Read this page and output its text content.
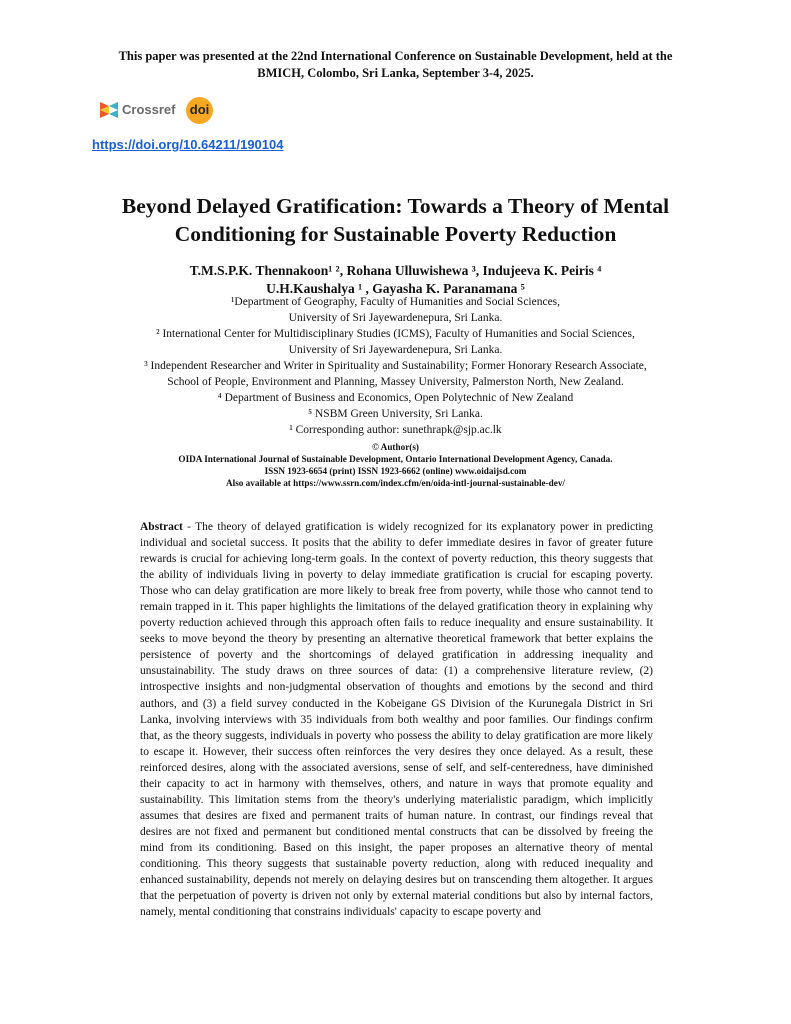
This paper was presented at the 22nd International Conference on Sustainable Development, held at the
BMICH, Colombo, Sri Lanka, September 3-4, 2025.
Crossref doi
https://doi.org/10.64211/190104
Beyond Delayed Gratification: Towards a Theory of Mental
Conditioning for Sustainable Poverty Reduction
T.M.S.P.K. Thennakoon¹ ², Rohana Ulluwishewa ³, Indujeeva K. Peiris ⁴
U.H.Kaushalya ¹ , Gayasha K. Paranamana ⁵
¹Department of Geography, Faculty of Humanities and Social Sciences,
University of Sri Jayewardenepura, Sri Lanka.
² International Center for Multidisciplinary Studies (ICMS), Faculty of Humanities and Social Sciences,
University of Sri Jayewardenepura, Sri Lanka.
³ Independent Researcher and Writer in Spirituality and Sustainability; Former Honorary Research Associate,
School of People, Environment and Planning, Massey University, Palmerston North, New Zealand.
⁴ Department of Business and Economics, Open Polytechnic of New Zealand
⁵ NSBM Green University, Sri Lanka.
¹ Corresponding author: sunethrapk@sjp.ac.lk
© Author(s)
OIDA International Journal of Sustainable Development, Ontario International Development Agency, Canada.
ISSN 1923-6654 (print) ISSN 1923-6662 (online) www.oidaijsd.com
Also available at https://www.ssrn.com/index.cfm/en/oida-intl-journal-sustainable-dev/
Abstract - The theory of delayed gratification is widely recognized for its explanatory power in predicting individual and societal success. It posits that the ability to defer immediate desires in favor of greater future rewards is crucial for achieving long-term goals. In the context of poverty reduction, this theory suggests that the ability of individuals living in poverty to delay immediate gratification is crucial for escaping poverty. Those who can delay gratification are more likely to break free from poverty, while those who cannot tend to remain trapped in it. This paper highlights the limitations of the delayed gratification theory in explaining why poverty reduction achieved through this approach often fails to reduce inequality and ensure sustainability. It seeks to move beyond the theory by presenting an alternative theoretical framework that better explains the persistence of poverty and the shortcomings of delayed gratification in addressing inequality and unsustainability. The study draws on three sources of data: (1) a comprehensive literature review, (2) introspective insights and non-judgmental observation of thoughts and emotions by the second and third authors, and (3) a field survey conducted in the Kobeigane GS Division of the Kurunegala District in Sri Lanka, involving interviews with 35 individuals from both wealthy and poor families. Our findings confirm that, as the theory suggests, individuals in poverty who possess the ability to delay gratification are more likely to escape it. However, their success often reinforces the very desires they once delayed. As a result, these reinforced desires, along with the associated aversions, sense of self, and self-centeredness, have diminished their capacity to act in harmony with themselves, others, and nature in ways that promote equality and sustainability. This limitation stems from the theory's underlying materialistic paradigm, which implicitly assumes that desires are fixed and permanent traits of human nature. In contrast, our findings reveal that desires are not fixed and permanent but conditioned mental constructs that can be dissolved by freeing the mind from its conditioning. Based on this insight, the paper proposes an alternative theory of mental conditioning. This theory suggests that sustainable poverty reduction, along with reduced inequality and enhanced sustainability, depends not merely on delaying desires but on transcending them altogether. It argues that the perpetuation of poverty is driven not only by external material conditions but also by internal factors, namely, mental conditioning that constrains individuals' capacity to escape poverty and
